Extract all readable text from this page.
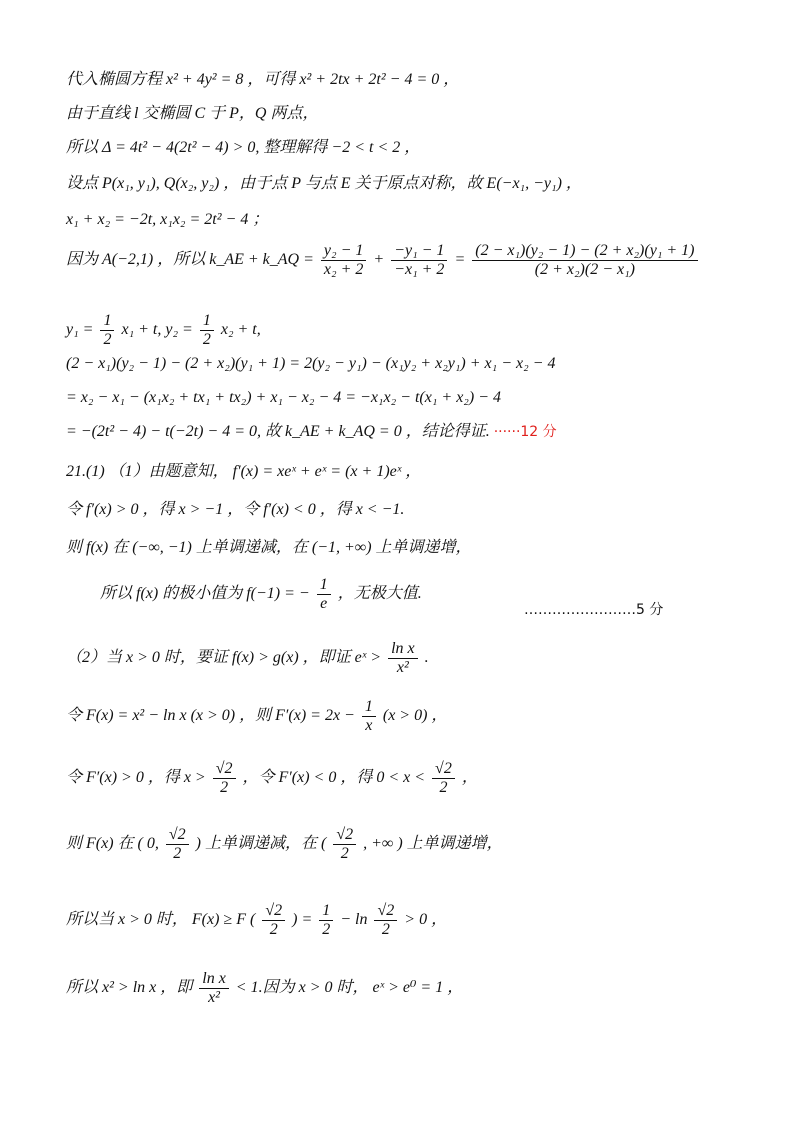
代入椭圆方程 x² + 4y² = 8 ，可得 x² + 2tx + 2t² − 4 = 0 ，
由于直线 l 交椭圆 C 于 P，Q 两点，
所以 Δ = 4t² − 4(2t² − 4) > 0, 整理解得 −2 < t < 2 ，
设点 P(x₁, y₁), Q(x₂, y₂) ，由于点 P 与点 E 关于原点对称，故 E(−x₁, −y₁) ，
x₁ + x₂ = −2t, x₁x₂ = 2t² − 4 ；
因为 A(−2,1) ，所以 k_AE + k_AQ = $\frac{\text{y₂ − 1}}{\text{x₂ + 2}} + \frac{\text{−y₁ − 1}}{\text{−x₁ + 2}} = \frac{\text{(2 − x₁)(y₂ − 1) − (2 + x₂)(y₁ + 1)}}{\text{(2 + x₂)(2 − x₁)}}$
$y_1 = \frac{1}{2} x_1 + t$, $y_2 = \frac{1}{2} x_2 + t$,
(2 − x₁)(y₂ − 1) − (2 + x₂)(y₁ + 1) = 2(y₂ − y₁) − (x₁y₂ + x₂y₁) + x₁ − x₂ − 4
= x₂ − x₁ − (x₁x₂ + tx₁ + tx₂) + x₁ − x₂ − 4 = −x₁x₂ − t(x₁ + x₂) − 4
= −(2t² − 4) − t(−2t) − 4 = 0, 故 k_AE + k_AQ = 0 ，结论得证. ······12 分
21.(1) （1）由题意知， f′(x) = xeˣ + eˣ = (x + 1)eˣ ，
令 f′(x) > 0 ，得 x > −1 ，令 f′(x) < 0 ，得 x < −1.
则 f(x) 在 (−∞, −1) 上单调递减，在 (−1, +∞) 上单调递增，
所以 f(x) 的极小值为 f(−1) = − $\frac{1}{e}$ ，无极大值.
……………………5 分
（2）当 x > 0 时，要证 f(x) > g(x) ，即证 eˣ > $\frac{\text{ln x}}{\text{x²}}$ .
令 F(x) = x² − ln x (x > 0) ，则 $F'(x) = 2x - \frac{1}{x} (x > 0)$ ，
令 F′(x) > 0 ，得 $x > \frac{√2}{2}$ ，令 F′(x) < 0 ，得 $0 < x < \frac{√2}{2}$ ，
则 F(x) 在 ( 0, $\frac{√2}{2}$ ) 上单调递减，在 ( $\frac{√2}{2}$ , +∞ ) 上单调递增，
所以当 x > 0 时， F(x) ≥ F ( $\frac{√2}{2}$ ) = $\frac{1}{2} - \ln \frac{√2}{2} > 0$ ，
所以 x² > ln x ，即 $\frac{\text{ln x}}{\text{x²}} < 1$.因为 x > 0 时， eˣ > e⁰ = 1 ，
